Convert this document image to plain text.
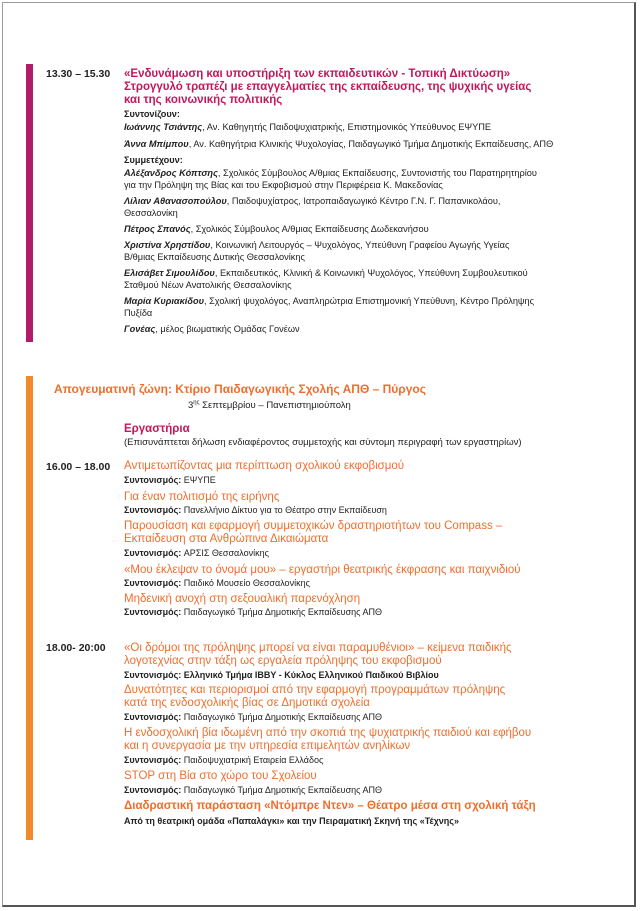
13.30 – 15.30 «Ενδυνάμωση και υποστήριξη των εκπαιδευτικών - Τοπική Δικτύωση»
Στρογγυλό τραπέζι με επαγγελματίες της εκπαίδευσης, της ψυχικής υγείας
και της κοινωνικής πολιτικής
Συντονίζουν:
Ιωάννης Τσιάντης, Αν. Καθηγητής Παιδοψυχιατρικής, Επιστημονικός Υπεύθυνος ΕΨΥΠΕ
Άννα Μπίμπου, Αν. Καθηγήτρια Κλινικής Ψυχολογίας, Παιδαγωγικό Τμήμα Δημοτικής Εκπαίδευσης, ΑΠΘ
Συμμετέχουν:
Αλέξανδρος Κόπτσης, Σχολικός Σύμβουλος Α/θμιας Εκπαίδευσης, Συντονιστής του Παρατηρητηρίου
για την Πρόληψη της Βίας και του Εκφοβισμού στην Περιφέρεια Κ. Μακεδονίας
Λίλιαν Αθανασοπούλου, Παιδοψυχίατρος, Ιατροπαιδαγωγικό Κέντρο Γ.Ν. Γ. Παπανικολάου,
Θεσσαλονίκη
Πέτρος Σπανός, Σχολικός Σύμβουλος Α/θμιας Εκπαίδευσης Δωδεκανήσου
Χριστίνα Χρηστίδου, Κοινωνική Λειτουργός – Ψυχολόγος, Υπεύθυνη Γραφείου Αγωγής Υγείας
Β/θμιας Εκπαίδευσης Δυτικής Θεσσαλονίκης
Ελισάβετ Σιμουλίδου, Εκπαιδευτικός, Κλινική & Κοινωνική Ψυχολόγος, Υπεύθυνη Συμβουλευτικού
Σταθμού Νέων Ανατολικής Θεσσαλονίκης
Μαρία Κυριακίδου, Σχολική ψυχολόγος, Αναπληρώτρια Επιστημονική Υπεύθυνη, Κέντρο Πρόληψης
Πυξίδα
Γονέας, μέλος βιωματικής Ομάδας Γονέων
Απογευματινή ζώνη: Κτίριο Παιδαγωγικής Σχολής ΑΠΘ – Πύργος
$3^{\eta\varsigma}$ Σεπτεμβρίου – Πανεπιστημιούπολη
Εργαστήρια
(Επισυνάπτεται δήλωση ενδιαφέροντος συμμετοχής και σύντομη περιγραφή των εργαστηρίων)
16.00 – 18.00 Αντιμετωπίζοντας μια περίπτωση σχολικού εκφοβισμού
Συντονισμός: ΕΨΥΠΕ
Για έναν πολιτισμό της ειρήνης
Συντονισμός: Πανελλήνιο Δίκτυο για το Θέατρο στην Εκπαίδευση
Παρουσίαση και εφαρμογή συμμετοχικών δραστηριοτήτων του Compass –
Εκπαίδευση στα Ανθρώπινα Δικαιώματα
Συντονισμός: ΑΡΣΙΣ Θεσσαλονίκης
«Μου έκλεψαν το όνομά μου» – εργαστήρι θεατρικής έκφρασης και παιχνιδιού
Συντονισμός: Παιδικό Μουσείο Θεσσαλονίκης
Μηδενική ανοχή στη σεξουαλική παρενόχληση
Συντονισμός: Παιδαγωγικό Τμήμα Δημοτικής Εκπαίδευσης ΑΠΘ
18.00- 20:00 «Οι δρόμοι της πρόληψης μπορεί να είναι παραμυθένιοι» – κείμενα παιδικής
λογοτεχνίας στην τάξη ως εργαλεία πρόληψης του εκφοβισμού
Συντονισμός: Ελληνικό Τμήμα IBBY - Κύκλος Ελληνικού Παιδικού Βιβλίου
Δυνατότητες και περιορισμοί από την εφαρμογή προγραμμάτων πρόληψης
κατά της ενδοσχολικής βίας σε Δημοτικά σχολεία
Συντονισμός: Παιδαγωγικό Τμήμα Δημοτικής Εκπαίδευσης ΑΠΘ
Η ενδοσχολική βία ιδωμένη από την σκοπιά της ψυχιατρικής παιδιού και εφήβου
και η συνεργασία με την υπηρεσία επιμελητών ανηλίκων
Συντονισμός: Παιδοψυχιατρική Εταιρεία Ελλάδος
STOP στη Βία στο χώρο του Σχολείου
Συντονισμός: Παιδαγωγικό Τμήμα Δημοτικής Εκπαίδευσης ΑΠΘ
Διαδραστική παράσταση «Ντόμπρε Ντεν» – Θέατρο μέσα στη σχολική τάξη
Από τη θεατρική ομάδα «Παπαλάγκι» και την Πειραματική Σκηνή της «Τέχνης»
